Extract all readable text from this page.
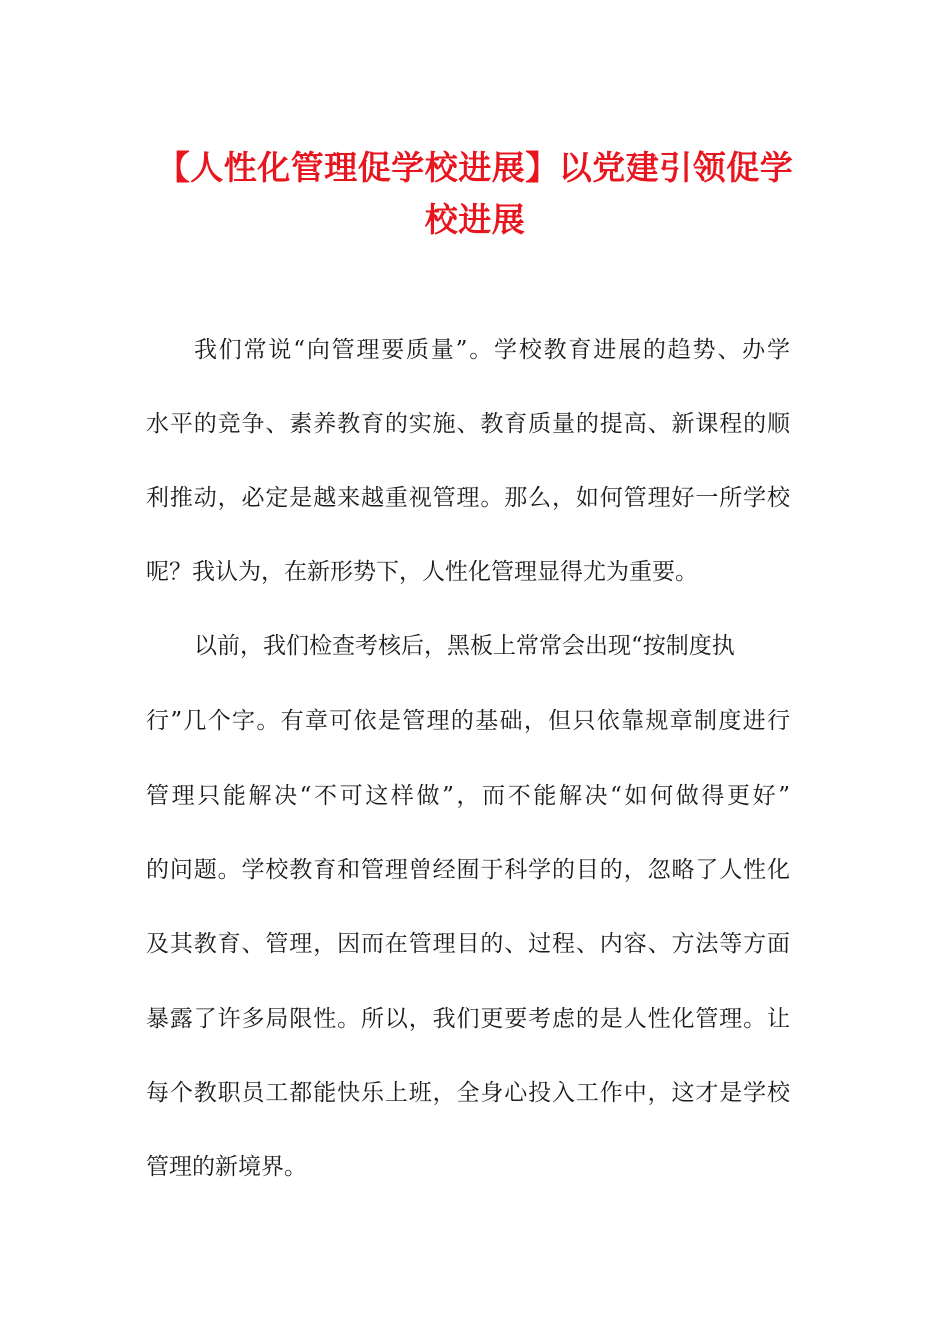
【人性化管理促学校进展】以党建引领促学
校进展
我们常说“向管理要质量”。学校教育进展的趋势、办学
水平的竞争、素养教育的实施、教育质量的提高、新课程的顺
利推动，必定是越来越重视管理。那么，如何管理好一所学校
呢？我认为，在新形势下，人性化管理显得尤为重要。
以前，我们检查考核后，黑板上常常会出现“按制度执
行”几个字。有章可依是管理的基础，但只依靠规章制度进行
管理只能解决“不可这样做”，而不能解决“如何做得更好”
的问题。学校教育和管理曾经囿于科学的目的，忽略了人性化
及其教育、管理，因而在管理目的、过程、内容、方法等方面
暴露了许多局限性。所以，我们更要考虑的是人性化管理。让
每个教职员工都能快乐上班，全身心投入工作中，这才是学校
管理的新境界。
